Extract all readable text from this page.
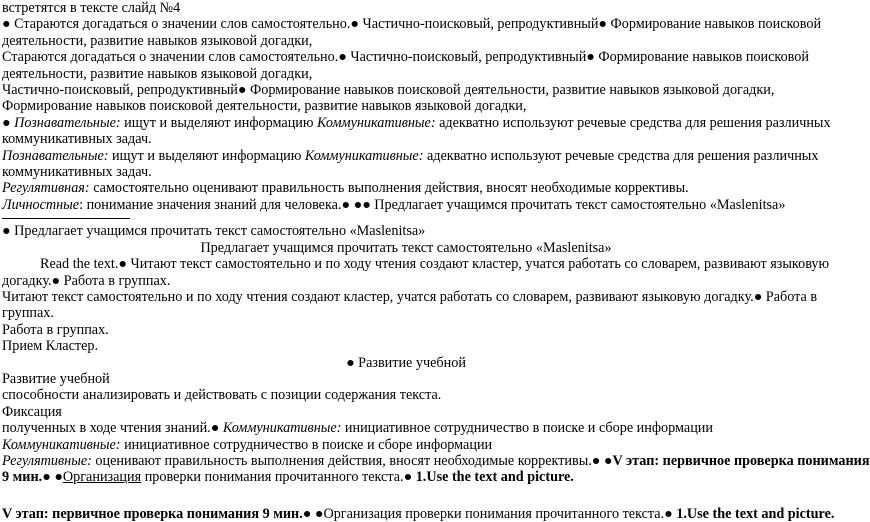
встретятся в тексте слайд №4
● Стараются догадаться о значении слов самостоятельно.● Частично-поисковый, репродуктивный● Формирование навыков поисковой
деятельности, развитие навыков языковой догадки,
Стараются догадаться о значении слов самостоятельно.● Частично-поисковый, репродуктивный● Формирование навыков поисковой
деятельности, развитие навыков языковой догадки,
Частично-поисковый, репродуктивный● Формирование навыков поисковой деятельности, развитие навыков языковой догадки,
Формирование навыков поисковой деятельности, развитие навыков языковой догадки,
● Познавательные: ищут и выделяют информацию Коммуникативные: адекватно используют речевые средства для решения различных
коммуникативных задач.
Познавательные: ищут и выделяют информацию Коммуникативные: адекватно используют речевые средства для решения различных
коммуникативных задач.
Регулятивная: самостоятельно оценивают правильность выполнения действия, вносят необходимые коррективы.
Личностные: понимание значения знаний для человека.● ●● Предлагает учащимся прочитать текст самостоятельно «Maslenitsa»
● Предлагает учащимся прочитать текст самостоятельно «Maslenitsa»
Предлагает учащимся прочитать текст самостоятельно «Maslenitsa»
Read the text.● Читают текст самостоятельно и по ходу чтения создают кластер, учатся работать со словарем, развивают языковую
догадку.● Работа в группах.
Читают текст самостоятельно и по ходу чтения создают кластер, учатся работать со словарем, развивают языковую догадку.● Работа в
группах.
Работа в группах.
Прием Кластер.
● Развитие учебной
Развитие учебной
способности анализировать и действовать с позиции содержания текста.
Фиксация
полученных в ходе чтения знаний.● Коммуникативные: инициативное сотрудничество в поиске и сборе информации
Коммуникативные: инициативное сотрудничество в поиске и сборе информации
Регулятивные: оценивают правильность выполнения действия, вносят необходимые коррективы.● ●V этап: первичное проверка понимания
9 мин.● ●Организация проверки понимания прочитанного текста.● 1.Use the text and picture.
V этап: первичное проверка понимания 9 мин.● ●Организация проверки понимания прочитанного текста.● 1.Use the text and picture.
